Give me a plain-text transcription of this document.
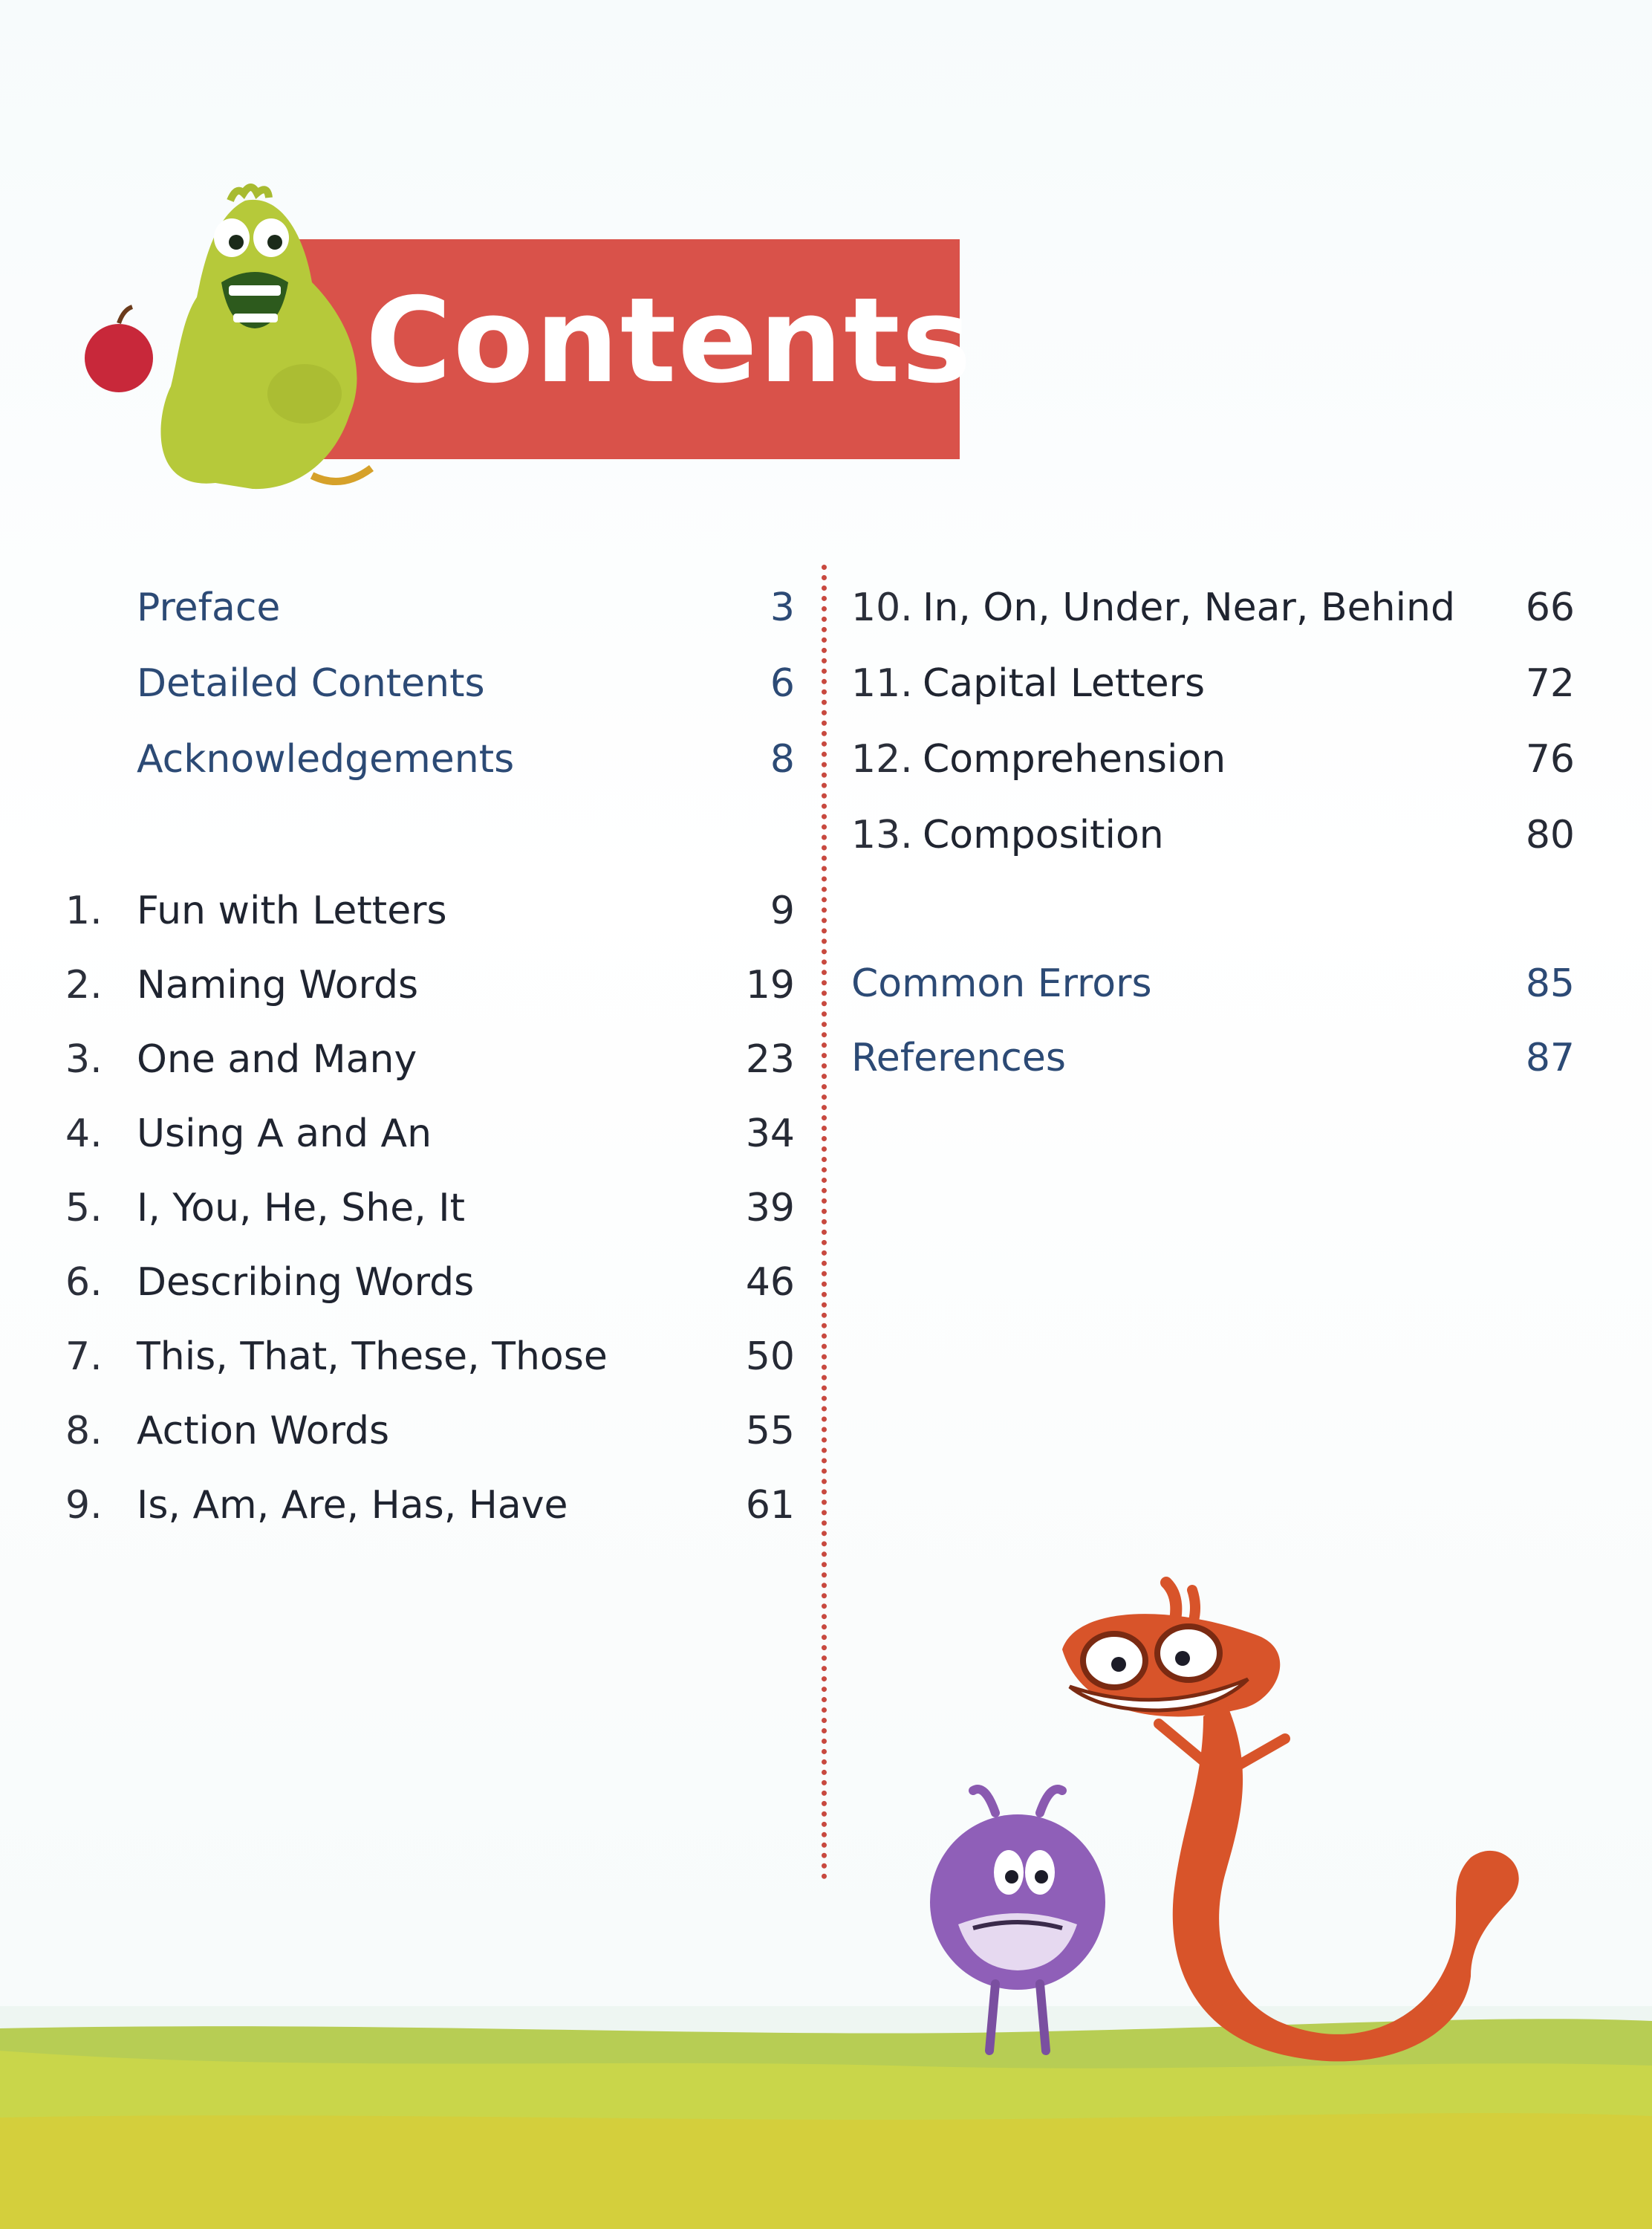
Contents
Preface	3
Detailed Contents	6
Acknowledgements	8
1. Fun with Letters	9
2. Naming Words	19
3. One and Many	23
4. Using A and An	34
5. I, You, He, She, It	39
6. Describing Words	46
7. This, That, These, Those	50
8. Action Words	55
9. Is, Am, Are, Has, Have	61
10. In, On, Under, Near, Behind	66
11. Capital Letters	72
12. Comprehension	76
13. Composition	80
Common Errors	85
References	87
